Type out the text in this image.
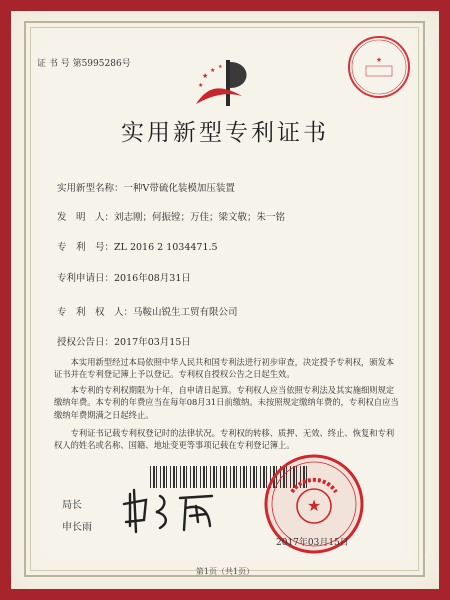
★
★
★ ★
★
证 书 号 第5995286号
实用新型专利证书
实用新型名称：一种V带硫化装模加压装置
发　明　人：刘志刚；何振镗；万佳；梁文敬；朱一铭
专　利　号：ZL 2016 2 1034471.5
专利申请日：2016年08月31日
专　利　权　人：马鞍山锐生工贸有限公司
授权公告日：2017年03月15日

本实用新型经过本局依照中华人民共和国专利法进行初步审查，决定授予专利权，颁发本证书并在专利登记簿上予以登记。专利权自授权公告之日起生效。

本专利的专利权期限为十年，自申请日起算。专利权人应当依照专利法及其实施细则规定缴纳年费。本专利的年费应当在每年08月31日前缴纳。未按照规定缴纳年费的，专利权自应当缴纳年费期满之日起终止。

专利证书记载专利权登记时的法律状况。专利权的转移、质押、无效、终止、恢复和专利权人的姓名或名称、国籍、地址变更等事项记载在专利登记簿上。

局长
申长雨
★
2017年03月15日
第1页（共1页）
